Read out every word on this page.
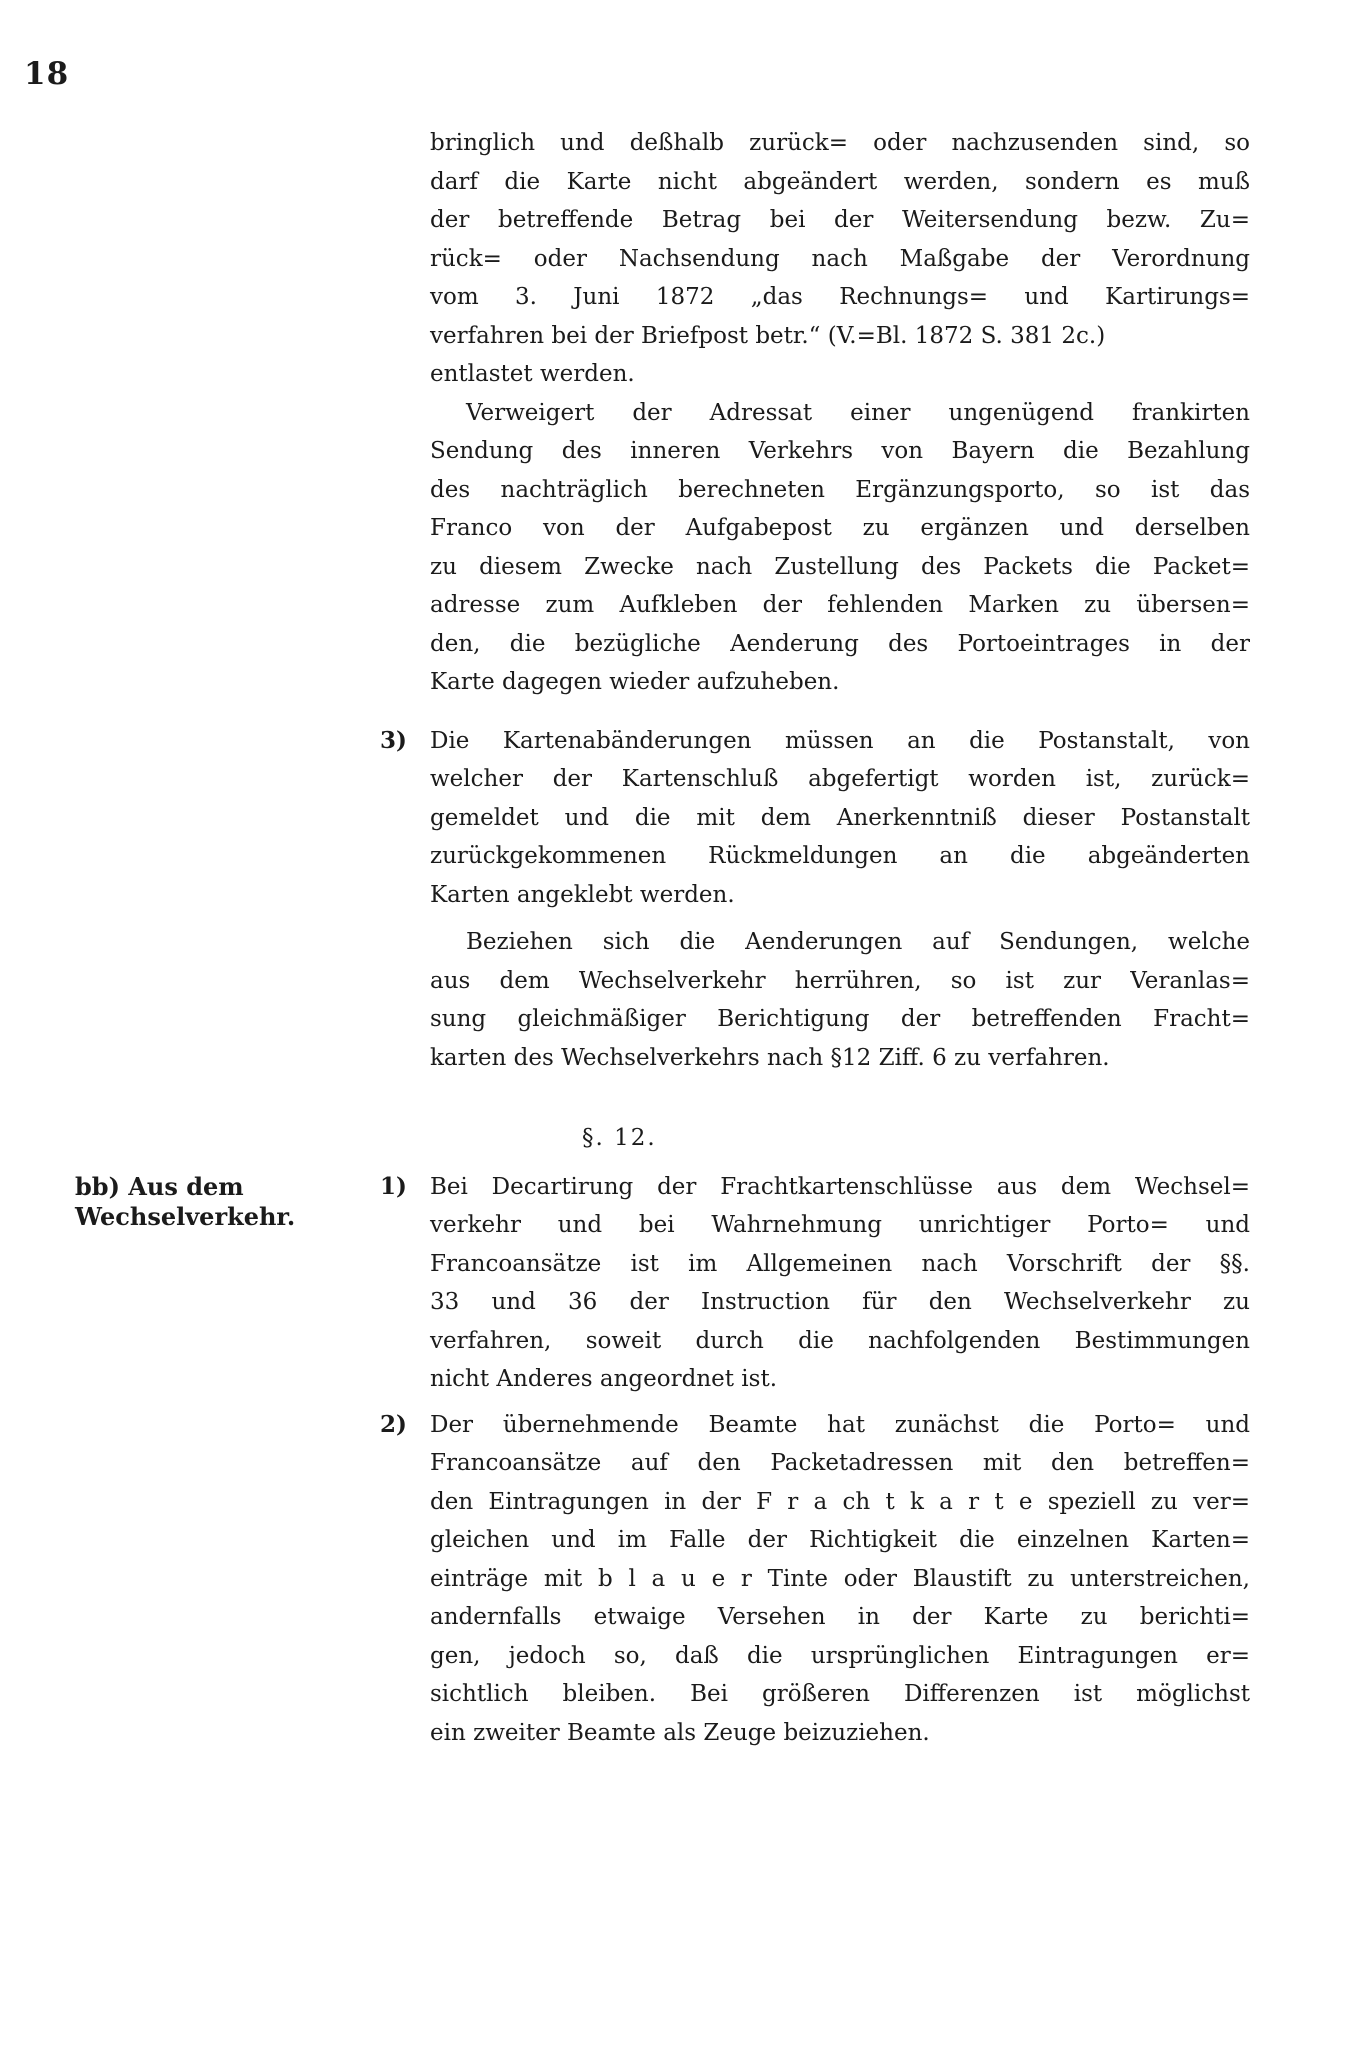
18
bb) Aus dem Wechselverkehr.
bringlich und deßhalb zurück= oder nachzusenden sind, so
darf die Karte nicht abgeändert werden, sondern es muß
der betreffende Betrag bei der Weitersendung bezw. Zu=
rück= oder Nachsendung nach Maßgabe der Verordnung
vom 3. Juni 1872 „das Rechnungs= und Kartirungs=
verfahren bei der Briefpost betr.“ (V.=Bl. 1872 S. 381 2c.)
entlastet werden.
Verweigert der Adressat einer ungenügend frankirten
Sendung des inneren Verkehrs von Bayern die Bezahlung
des nachträglich berechneten Ergänzungsporto, so ist das
Franco von der Aufgabepost zu ergänzen und derselben
zu diesem Zwecke nach Zustellung des Packets die Packet=
adresse zum Aufkleben der fehlenden Marken zu übersen=
den, die bezügliche Aenderung des Portoeintrages in der
Karte dagegen wieder aufzuheben.
3)	Die Kartenabänderungen müssen an die Postanstalt, von
welcher der Kartenschluß abgefertigt worden ist, zurück=
gemeldet und die mit dem Anerkenntniß dieser Postanstalt
zurückgekommenen Rückmeldungen an die abgeänderten
Karten angeklebt werden.
Beziehen sich die Aenderungen auf Sendungen, welche
aus dem Wechselverkehr herrühren, so ist zur Veranlas=
sung gleichmäßiger Berichtigung der betreffenden Fracht=
karten des Wechselverkehrs nach §12 Ziff. 6 zu verfahren.
§. 12.
1)	Bei Decartirung der Frachtkartenschlüsse aus dem Wechsel=
verkehr und bei Wahrnehmung unrichtiger Porto= und
Francoansätze ist im Allgemeinen nach Vorschrift der §§.
33 und 36 der Instruction für den Wechselverkehr zu
verfahren, soweit durch die nachfolgenden Bestimmungen
nicht Anderes angeordnet ist.
2)	Der übernehmende Beamte hat zunächst die Porto= und
Francoansätze auf den Packetadressen mit den betreffen=
den Eintragungen in der F r a ch t k a r t e speziell zu ver=
gleichen und im Falle der Richtigkeit die einzelnen Karten=
einträge mit b l a u e r Tinte oder Blaustift zu unterstreichen,
andernfalls etwaige Versehen in der Karte zu berichti=
gen, jedoch so, daß die ursprünglichen Eintragungen er=
sichtlich bleiben. Bei größeren Differenzen ist möglichst
ein zweiter Beamte als Zeuge beizuziehen.
